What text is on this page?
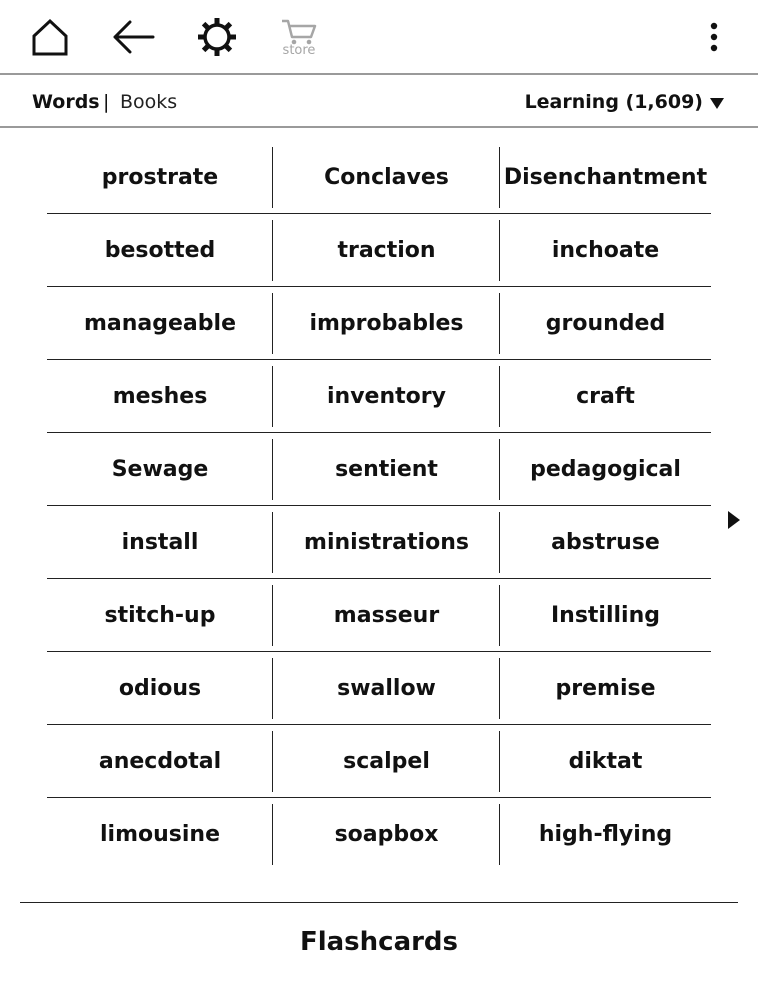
store
Words | Books	Learning (1,609)
prostrate	Conclaves	Disenchantment
besotted	traction	inchoate
manageable	improbables	grounded
meshes	inventory	craft
Sewage	sentient	pedagogical
install	ministrations	abstruse
stitch-up	masseur	Instilling
odious	swallow	premise
anecdotal	scalpel	diktat
limousine	soapbox	high-flying
Flashcards
